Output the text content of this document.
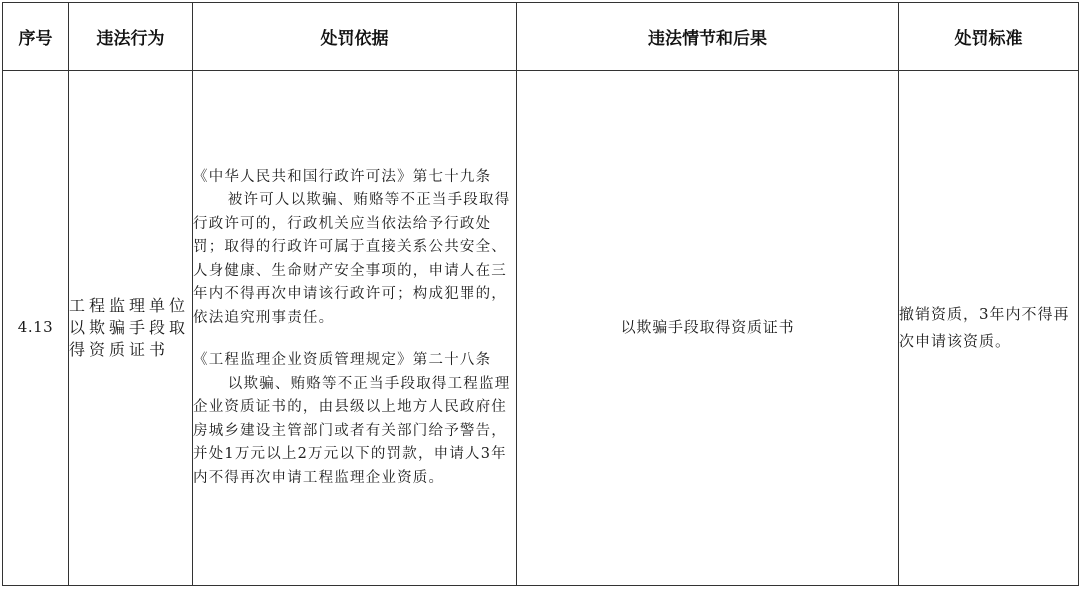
序号	违法行为	处罚依据	违法情节和后果	处罚标准
4.13	工程监理单位以欺骗手段取得资质证书	《中华人民共和国行政许可法》第七十九条
被许可人以欺骗、贿赂等不正当手段取得行政许可的，行政机关应当依法给予行政处罚；取得的行政许可属于直接关系公共安全、人身健康、生命财产安全事项的，申请人在三年内不得再次申请该行政许可；构成犯罪的，依法追究刑事责任。
《工程监理企业资质管理规定》第二十八条
以欺骗、贿赂等不正当手段取得工程监理企业资质证书的，由县级以上地方人民政府住房城乡建设主管部门或者有关部门给予警告，并处1万元以上2万元以下的罚款，申请人3年内不得再次申请工程监理企业资质。	以欺骗手段取得资质证书	撤销资质，3年内不得再次申请该资质。
